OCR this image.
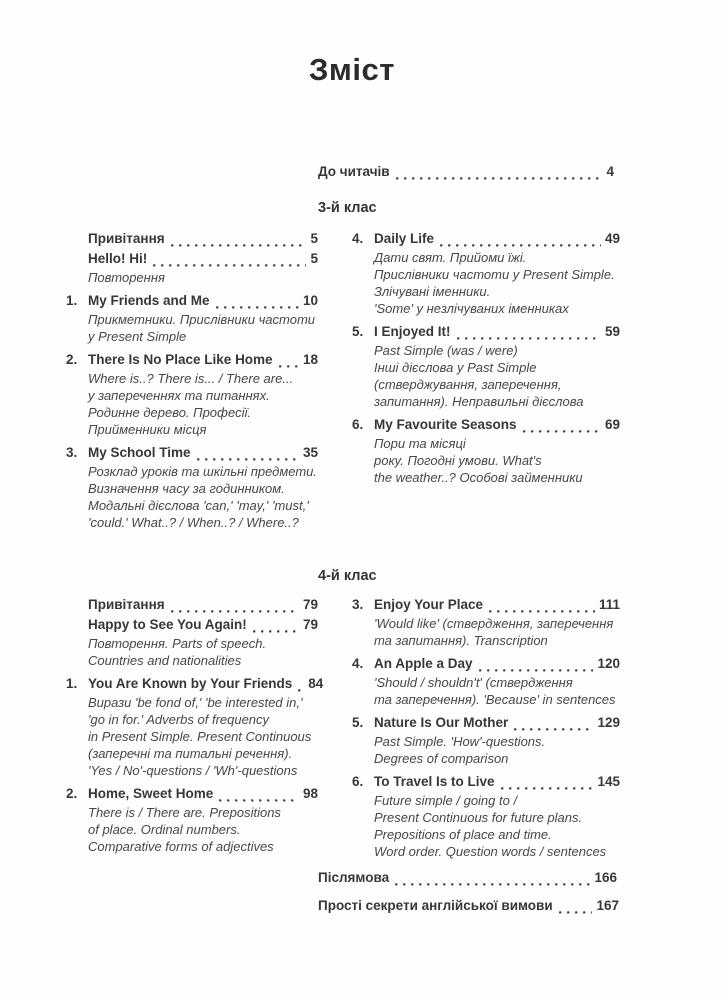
Зміст
До читачів	4
3-й клас
Привітання	5
Hello! Hi!	5
Повторення
1. My Friends and Me	10
Прикметники. Прислівники частоти
у Present Simple
2. There Is No Place Like Home 18
Where is..? There is... / There are...
у запереченнях та питаннях.
Родинне дерево. Професії.
Прийменники місця
3. My School Time	35
Розклад уроків та шкільні предмети.
Визначення часу за годинником.
Модальні дієслова 'can,' 'may,' 'must,'
'could.' What..? / When..? / Where..?
4. Daily Life	49
Дати свят. Прийоми їжі.
Прислівники частоти у Present Simple.
Злічувані іменники.
'Some' у незлічуваних іменниках
5. I Enjoyed It!	59
Past Simple (was / were)
Інші дієслова у Past Simple
(стверджування, заперечення,
запитання). Неправильні дієслова
6. My Favourite Seasons	69
Пори та місяці
року. Погодні умови. What's
the weather..? Особові займенники
4-й клас
Привітання	79
Happy to See You Again!	79
Повторення. Parts of speech.
Countries and nationalities
1. You Are Known by Your Friends 84
Вирази 'be fond of,' 'be interested in,'
'go in for.' Adverbs of frequency
in Present Simple. Present Continuous
(заперечні та питальні речення).
'Yes / No'-questions / 'Wh'-questions
2. Home, Sweet Home	98
There is / There are. Prepositions
of place. Ordinal numbers.
Comparative forms of adjectives
3. Enjoy Your Place	111
'Would like' (ствердження, заперечення
та запитання). Transcription
4. An Apple a Day	120
'Should / shouldn't' (ствердження
та заперечення). 'Because' in sentences
5. Nature Is Our Mother	129
Past Simple. 'How'-questions.
Degrees of comparison
6. To Travel Is to Live	145
Future simple / going to /
Present Continuous for future plans.
Prepositions of place and time.
Word order. Question words / sentences
Післямова	166
Прості секрети англійської вимови	167
